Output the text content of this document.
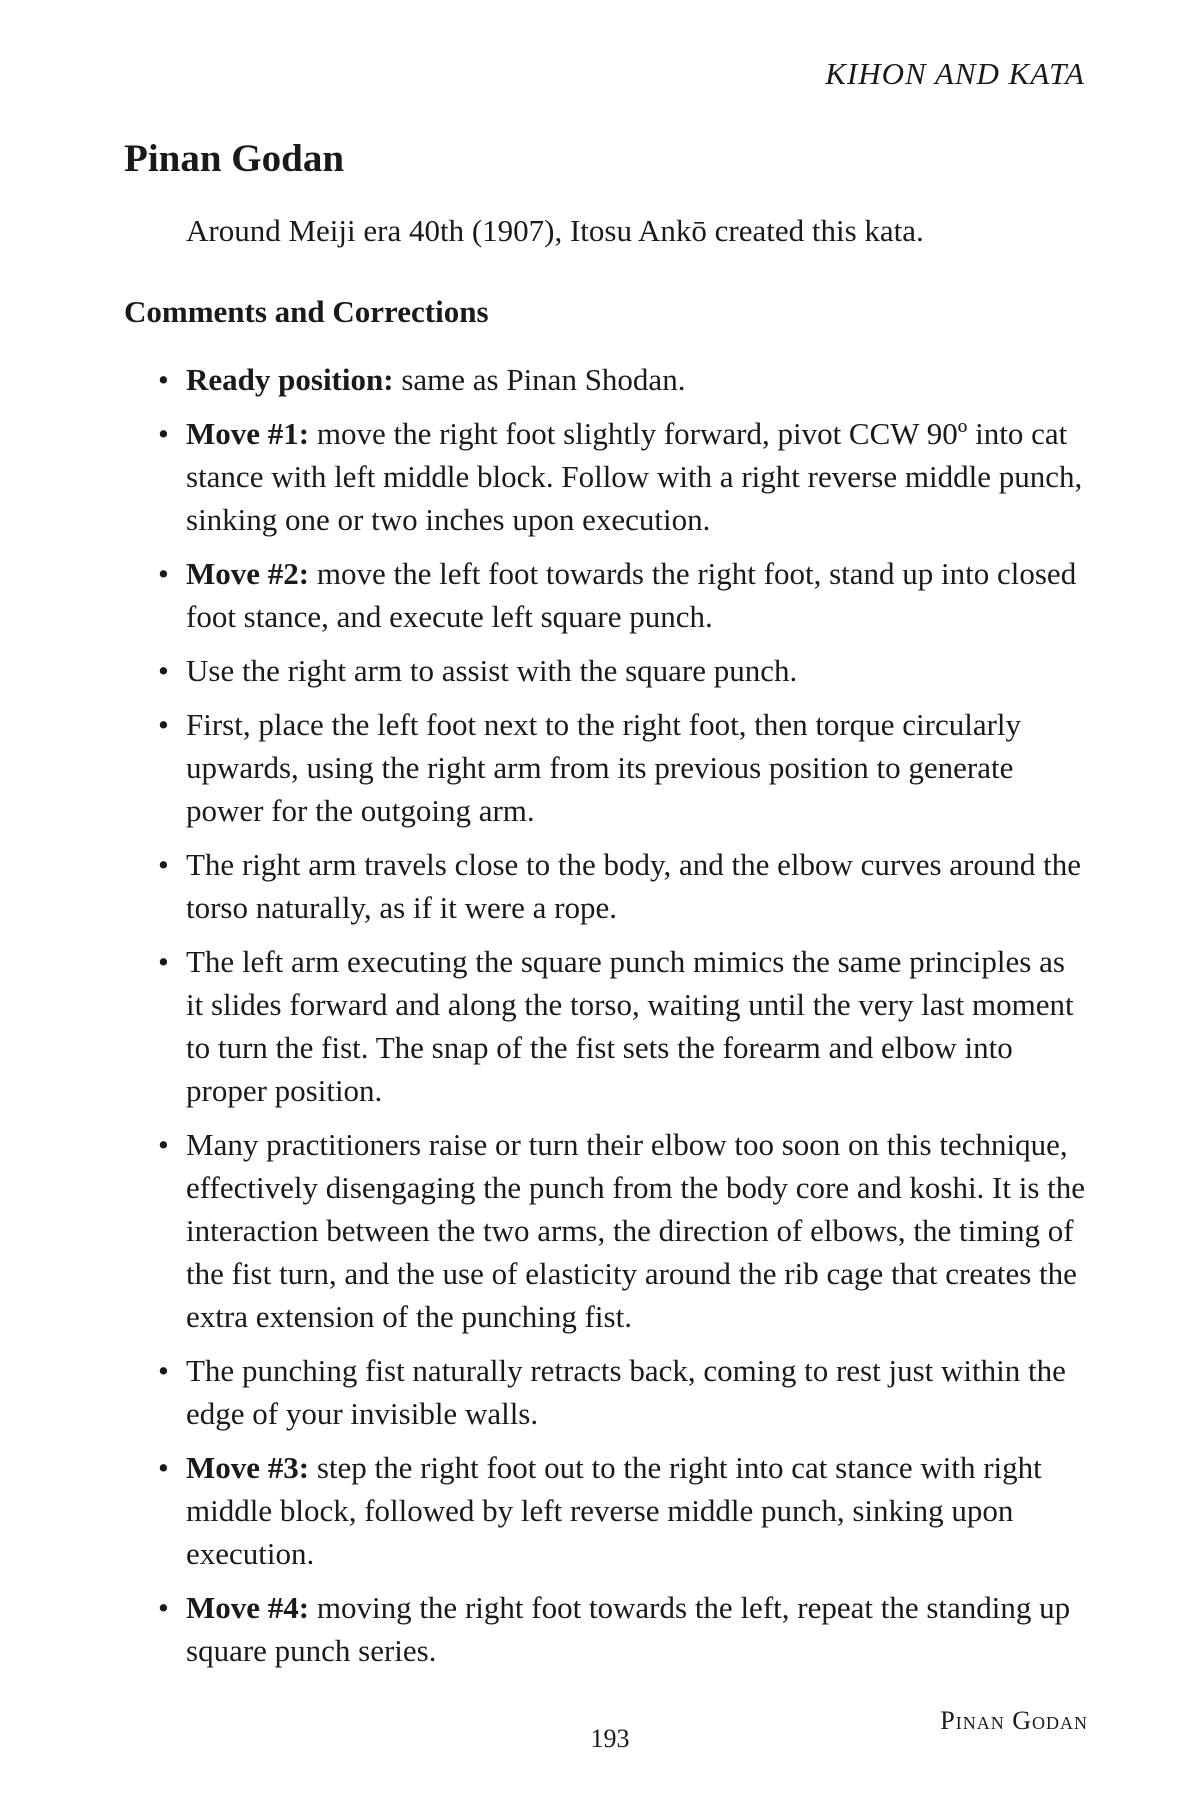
KIHON AND KATA
Pinan Godan

Around Meiji era 40th (1907), Itosu Ankō created this kata.

Comments and Corrections
• Ready position: same as Pinan Shodan.
• Move #1: move the right foot slightly forward, pivot CCW 90º into cat stance with left middle block. Follow with a right reverse middle punch, sinking one or two inches upon execution.
• Move #2: move the left foot towards the right foot, stand up into closed foot stance, and execute left square punch.
• Use the right arm to assist with the square punch.
• First, place the left foot next to the right foot, then torque circularly upwards, using the right arm from its previous position to generate power for the outgoing arm.
• The right arm travels close to the body, and the elbow curves around the torso naturally, as if it were a rope.
• The left arm executing the square punch mimics the same principles as it slides forward and along the torso, waiting until the very last moment to turn the fist. The snap of the fist sets the forearm and elbow into proper position.
• Many practitioners raise or turn their elbow too soon on this technique, effectively disengaging the punch from the body core and koshi. It is the interaction between the two arms, the direction of elbows, the timing of the fist turn, and the use of elasticity around the rib cage that creates the extra extension of the punching fist.
• The punching fist naturally retracts back, coming to rest just within the edge of your invisible walls.
• Move #3: step the right foot out to the right into cat stance with right middle block, followed by left reverse middle punch, sinking upon execution.
• Move #4: moving the right foot towards the left, repeat the standing up square punch series.
193
Pinan Godan
